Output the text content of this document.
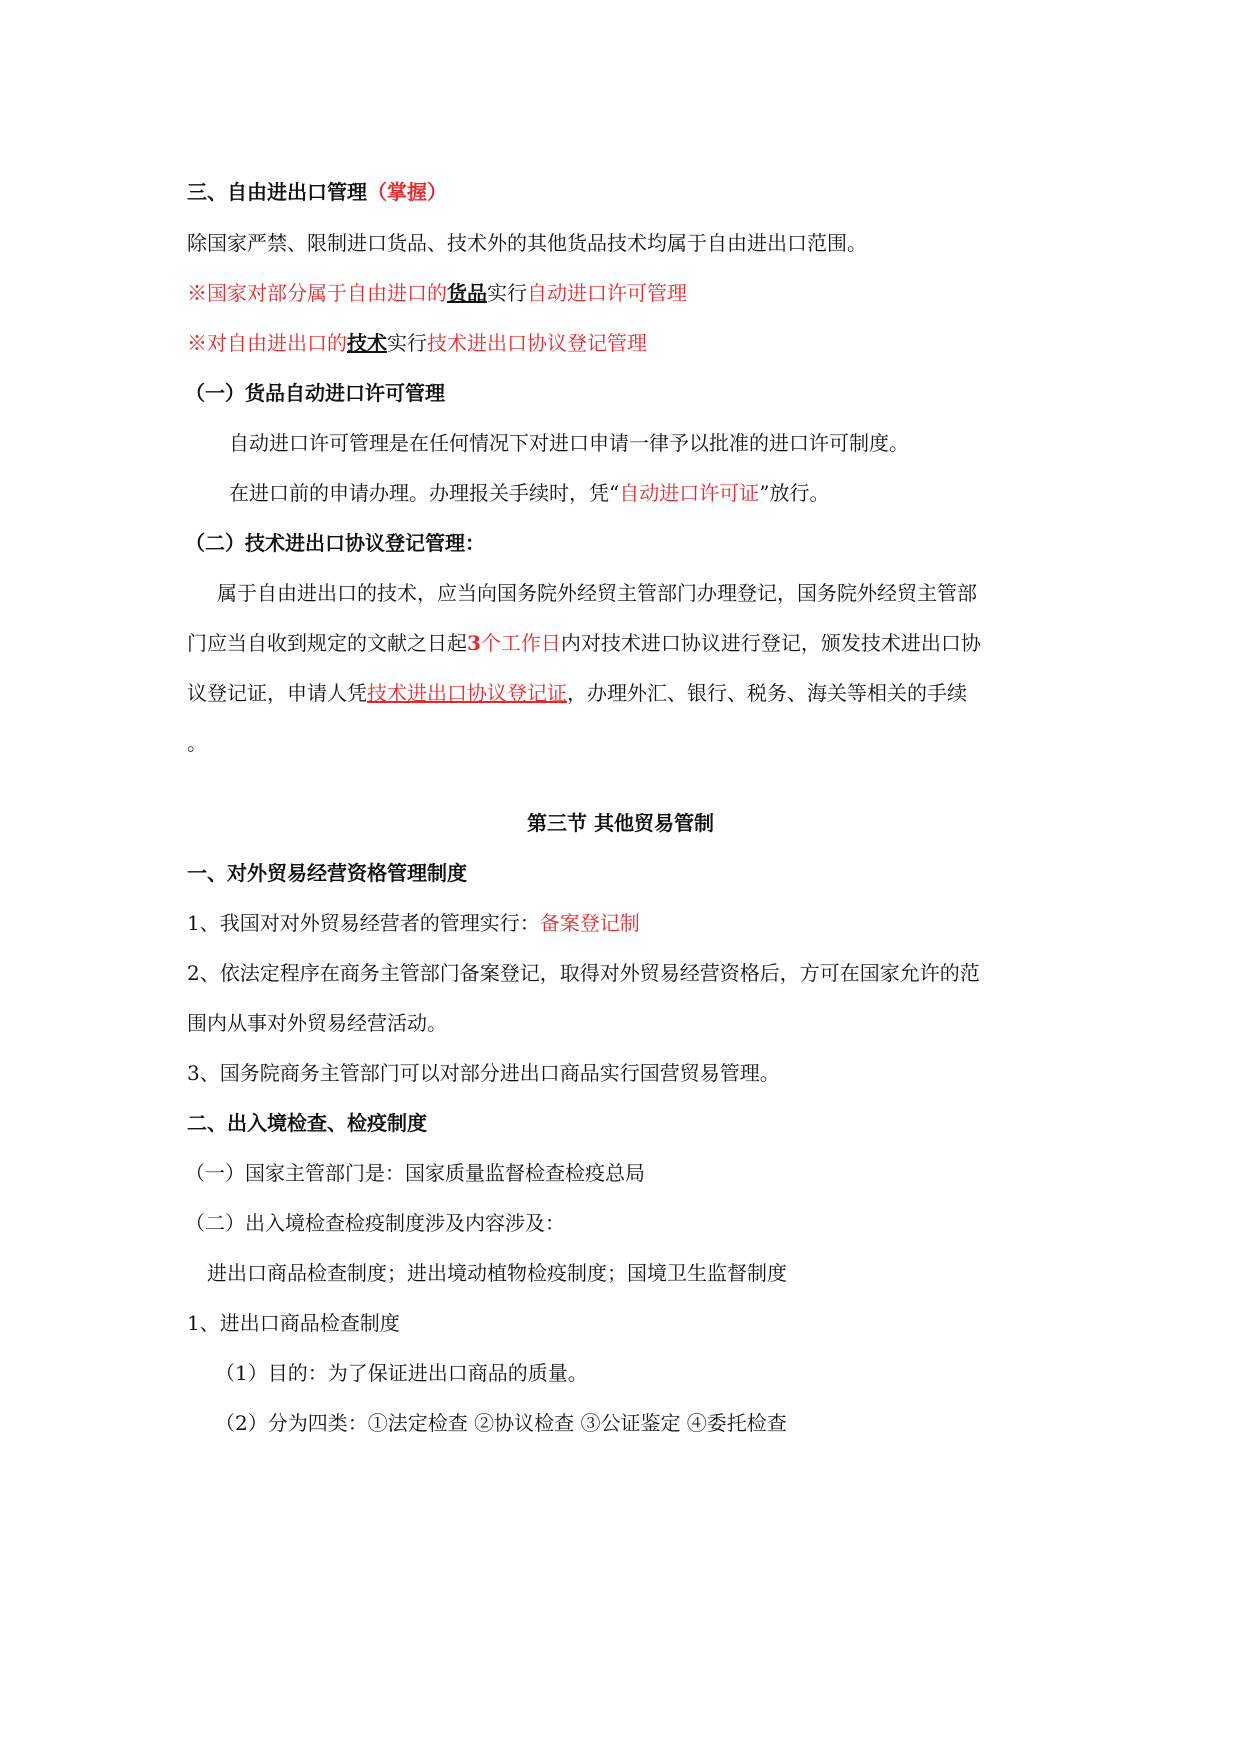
三、自由进出口管理（掌握）
除国家严禁、限制进口货品、技术外的其他货品技术均属于自由进出口范围。
※国家对部分属于自由进口的货品实行自动进口许可管理
※对自由进出口的技术实行技术进出口协议登记管理
（一）货品自动进口许可管理
自动进口许可管理是在任何情况下对进口申请一律予以批准的进口许可制度。
在进口前的申请办理。办理报关手续时，凭“自动进口许可证”放行。
（二）技术进出口协议登记管理：
属于自由进出口的技术，应当向国务院外经贸主管部门办理登记，国务院外经贸主管部
门应当自收到规定的文献之日起3个工作日内对技术进口协议进行登记，颁发技术进出口协
议登记证，申请人凭技术进出口协议登记证，办理外汇、银行、税务、海关等相关的手续
。
第三节 其他贸易管制
一、对外贸易经营资格管理制度
1、我国对对外贸易经营者的管理实行：备案登记制
2、依法定程序在商务主管部门备案登记，取得对外贸易经营资格后，方可在国家允许的范
围内从事对外贸易经营活动。
3、国务院商务主管部门可以对部分进出口商品实行国营贸易管理。
二、出入境检查、检疫制度
（一）国家主管部门是：国家质量监督检查检疫总局
（二）出入境检查检疫制度涉及内容涉及：
进出口商品检查制度；进出境动植物检疫制度；国境卫生监督制度
1、进出口商品检查制度
（1）目的：为了保证进出口商品的质量。
（2）分为四类：①法定检查 ②协议检查 ③公证鉴定 ④委托检查
